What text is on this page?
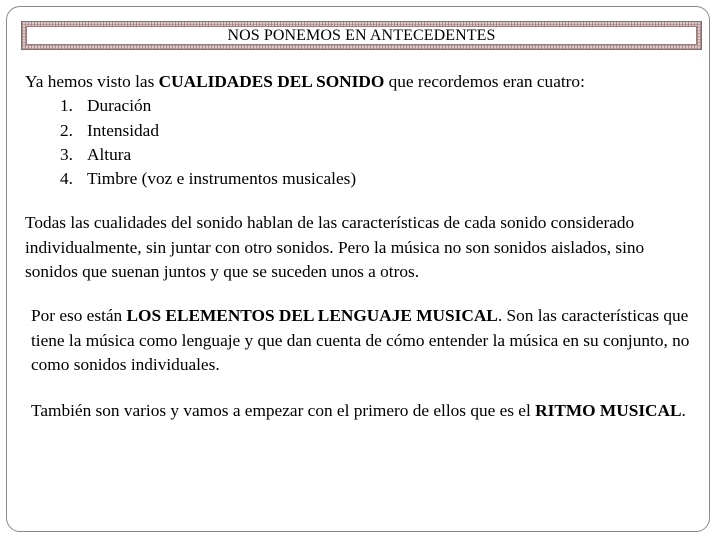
NOS PONEMOS EN ANTECEDENTES

Ya hemos visto las CUALIDADES DEL SONIDO que recordemos eran cuatro:

1. Duración
2. Intensidad
3. Altura
4. Timbre (voz e instrumentos musicales)

Todas las cualidades del sonido hablan de las características de cada sonido considerado individualmente, sin juntar con otro sonidos. Pero la música no son sonidos aislados, sino sonidos que suenan juntos y que se suceden unos a otros.

Por eso están LOS ELEMENTOS DEL LENGUAJE MUSICAL. Son las características que tiene la música como lenguaje y que dan cuenta de cómo entender la música en su conjunto, no como sonidos individuales.

También son varios y vamos a empezar con el primero de ellos que es el RITMO MUSICAL.
